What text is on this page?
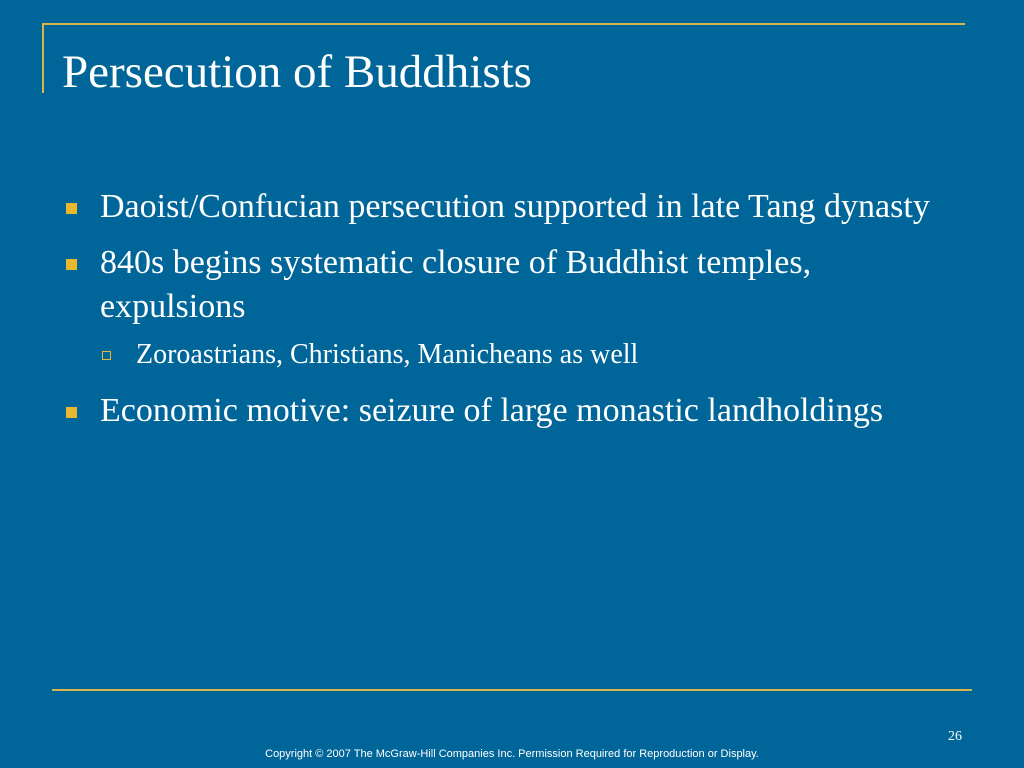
Persecution of Buddhists
Daoist/Confucian persecution supported in late Tang dynasty
840s begins systematic closure of Buddhist temples, expulsions
Zoroastrians, Christians, Manicheans as well
Economic motive: seizure of large monastic landholdings
26
Copyright © 2007 The McGraw-Hill Companies Inc. Permission Required for Reproduction or Display.
